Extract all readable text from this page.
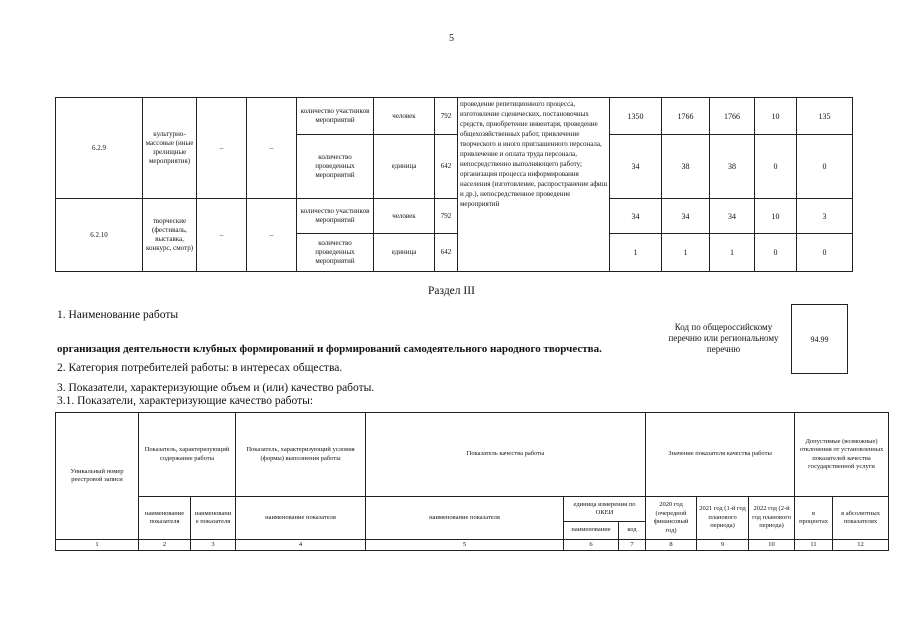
5
6.2.9	культурно-массовые (иные зрелищные мероприятия)	–	–	количество участников мероприятий	человек	792	проведение репетиционного процесса, изготовление сценических, постановочных средств, приобретение инвентаря, проведение общехозяйственных работ, привлечение творческого и иного приглашенного персонала, привлечение и оплата труда персонала, непосредственно выполняющего работу; организация процесса информирования населения (изготовление, распространение афиш и др.), непосредственное проведение мероприятий	1350	1766	1766	10	135
				количество проведенных мероприятий	единица	642		34	38	38	0	0
6.2.10	творческие (фестиваль, выставка, конкурс, смотр)	–	–	количество участников мероприятий	человек	792		34	34	34	10	3
				количество проведенных мероприятий	единица	642		1	1	1	0	0
Раздел III
1. Наименование работы
организация деятельности клубных формирований и формирований самодеятельного народного творчества.
2. Категория потребителей работы: в интересах общества.
3. Показатели, характеризующие объем и (или) качество работы.
3.1. Показатели, характеризующие качество работы:
Код по общероссийскому перечню или региональному перечню
94.99
Уникальный номер реестровой записи	Показатель, характеризующий содержание работы		Показатель, характеризующий условия (формы) выполнения работы	Показатель качества работы			Значение показателя качества работы			Допустимые (возможные) отклонения от установленных показателей качества государственной услуги	
	наименование показателя	наименовани е показателя	наименование показателя	наименование показателя	единица измерения по ОКЕИ		2020 год (очередной финансовый год)	2021 год (1-й год планового периода)	2022 год (2-й год планового периода)	в процентах	в абсолютных показателях
					наименование	код					
1	2	3	4	5	6	7	8	9	10	11	12
